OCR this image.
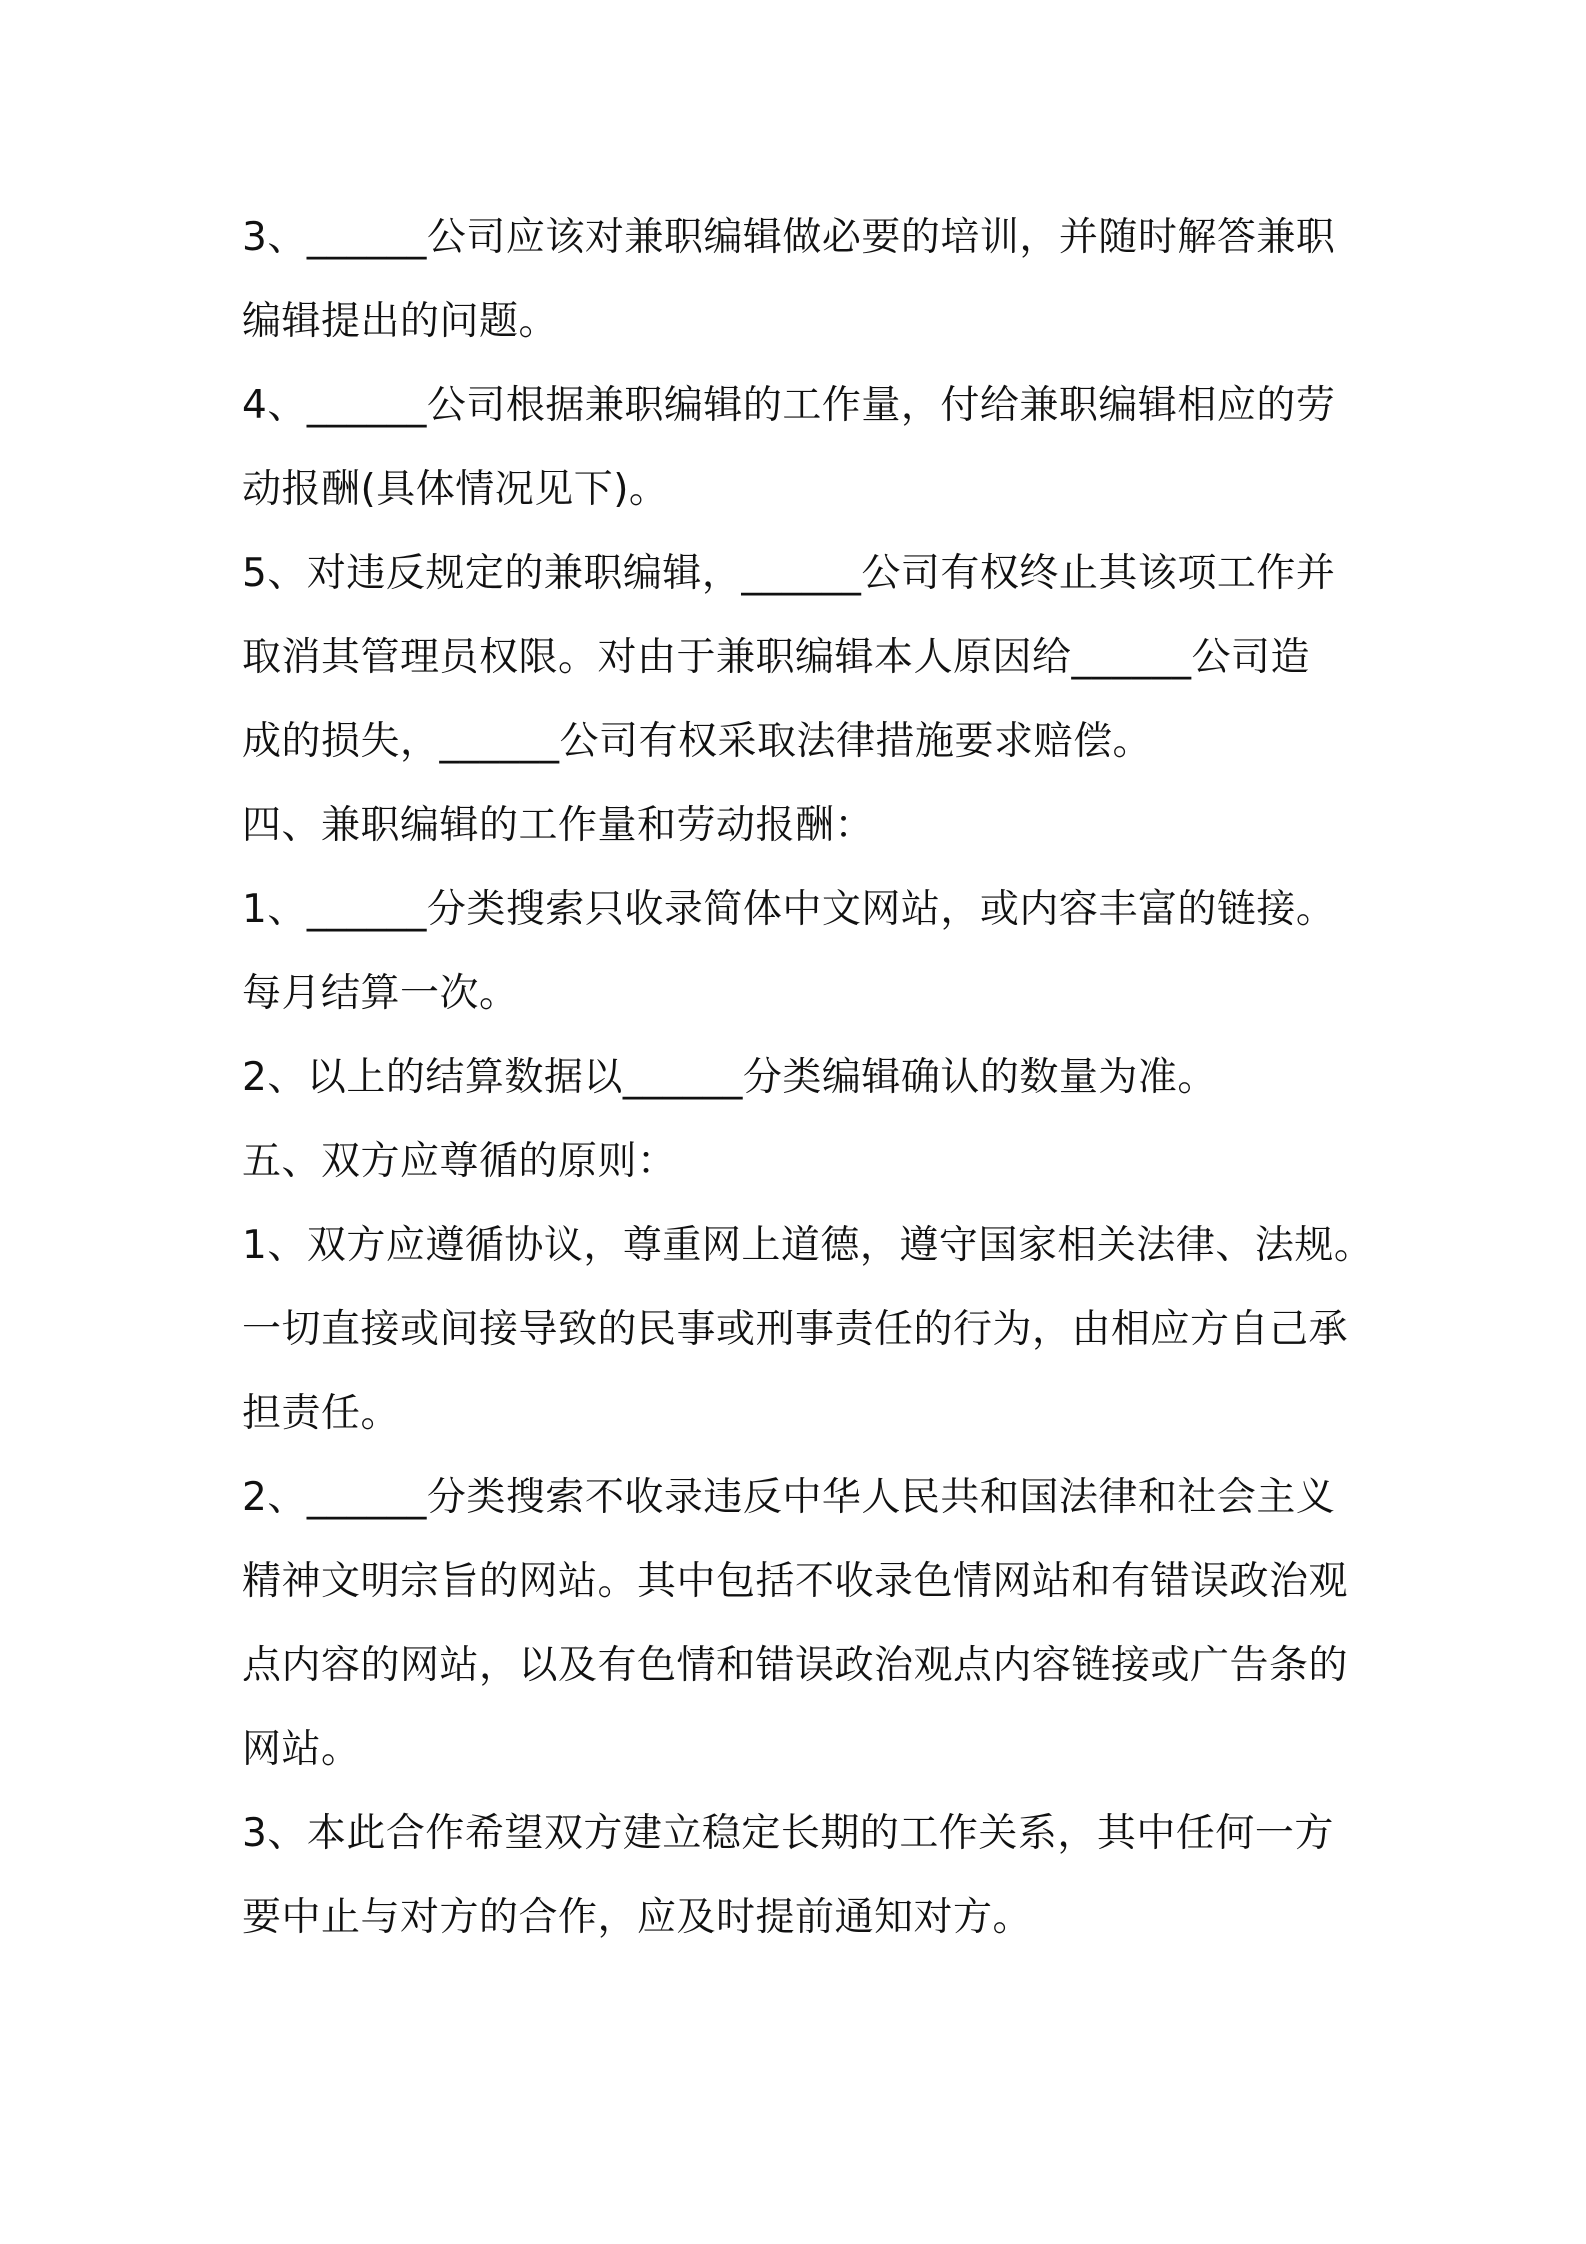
3、______公司应该对兼职编辑做必要的培训，并随时解答兼职
编辑提出的问题。

4、______公司根据兼职编辑的工作量，付给兼职编辑相应的劳
动报酬(具体情况见下)。

5、对违反规定的兼职编辑，______公司有权终止其该项工作并
取消其管理员权限。对由于兼职编辑本人原因给______公司造
成的损失，______公司有权采取法律措施要求赔偿。

四、兼职编辑的工作量和劳动报酬：

1、______分类搜索只收录简体中文网站，或内容丰富的链接。
每月结算一次。

2、以上的结算数据以______分类编辑确认的数量为准。

五、双方应尊循的原则：

1、双方应遵循协议，尊重网上道德，遵守国家相关法律、法规。
一切直接或间接导致的民事或刑事责任的行为，由相应方自己承
担责任。

2、______分类搜索不收录违反中华人民共和国法律和社会主义
精神文明宗旨的网站。其中包括不收录色情网站和有错误政治观
点内容的网站，以及有色情和错误政治观点内容链接或广告条的
网站。

3、本此合作希望双方建立稳定长期的工作关系，其中任何一方
要中止与对方的合作，应及时提前通知对方。
